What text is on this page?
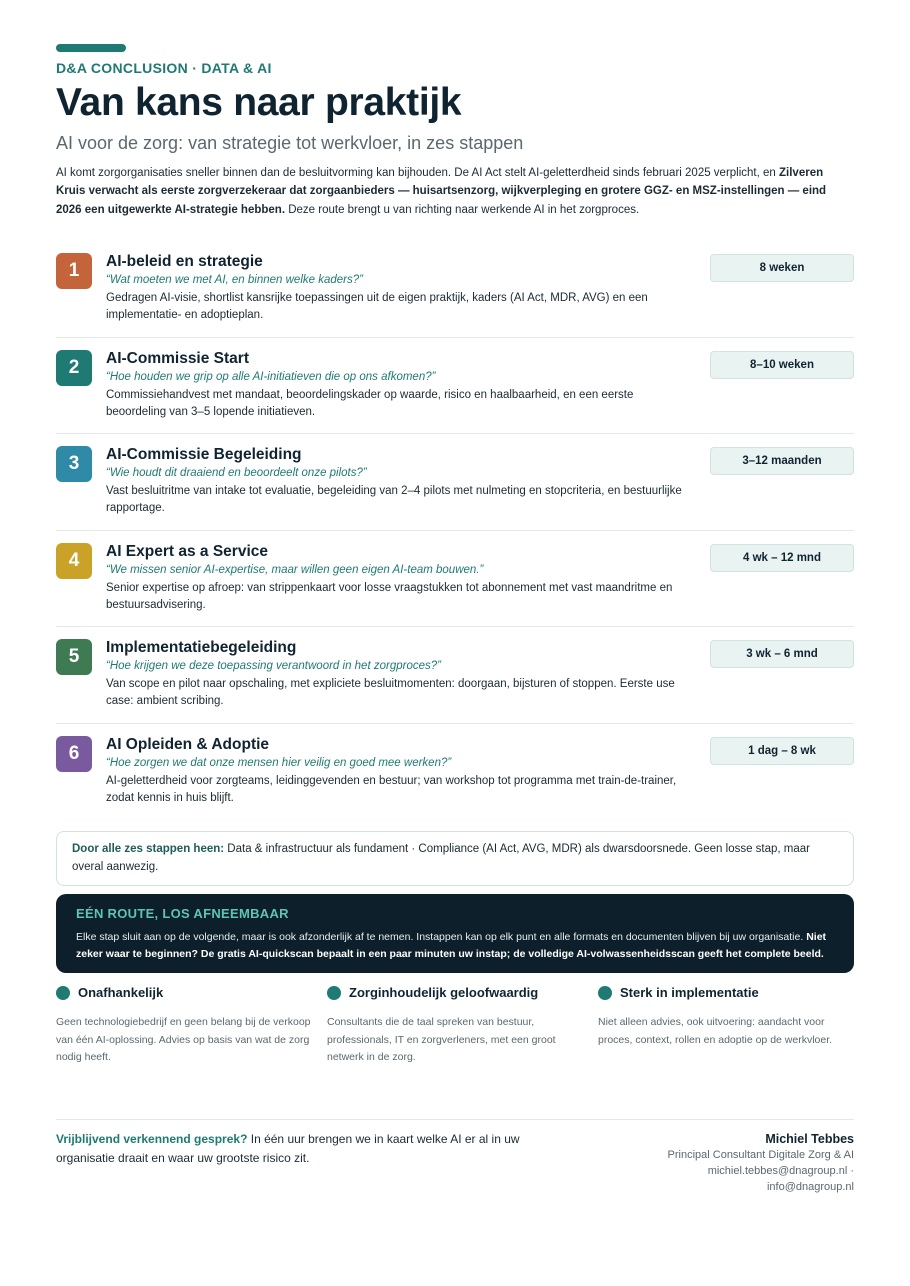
D&A CONCLUSION · DATA & AI
Van kans naar praktijk
AI voor de zorg: van strategie tot werkvloer, in zes stappen

AI komt zorgorganisaties sneller binnen dan de besluitvorming kan bijhouden. De AI Act stelt AI-geletterdheid sinds februari 2025 verplicht, en Zilveren Kruis verwacht als eerste zorgverzekeraar dat zorgaanbieders — huisartsenzorg, wijkverpleging en grotere GGZ- en MSZ-instellingen — eind 2026 een uitgewerkte AI-strategie hebben. Deze route brengt u van richting naar werkende AI in het zorgproces.

1	AI-beleid en strategie
“Wat moeten we met AI, en binnen welke kaders?”
Gedragen AI-visie, shortlist kansrijke toepassingen uit de eigen praktijk, kaders (AI Act, MDR, AVG) en een implementatie- en adoptieplan.
8 weken
2	AI-Commissie Start
“Hoe houden we grip op alle AI-initiatieven die op ons afkomen?”
Commissiehandvest met mandaat, beoordelingskader op waarde, risico en haalbaarheid, en een eerste beoordeling van 3–5 lopende initiatieven.
8–10 weken
3	AI-Commissie Begeleiding
“Wie houdt dit draaiend en beoordeelt onze pilots?”
Vast besluitritme van intake tot evaluatie, begeleiding van 2–4 pilots met nulmeting en stopcriteria, en bestuurlijke rapportage.
3–12 maanden
4	AI Expert as a Service
“We missen senior AI-expertise, maar willen geen eigen AI-team bouwen.”
Senior expertise op afroep: van strippenkaart voor losse vraagstukken tot abonnement met vast maandritme en bestuursadvisering.
4 wk – 12 mnd
5	Implementatiebegeleiding
“Hoe krijgen we deze toepassing verantwoord in het zorgproces?”
Van scope en pilot naar opschaling, met expliciete besluitmomenten: doorgaan, bijsturen of stoppen. Eerste use case: ambient scribing.
3 wk – 6 mnd
6	AI Opleiden & Adoptie
“Hoe zorgen we dat onze mensen hier veilig en goed mee werken?”
AI-geletterdheid voor zorgteams, leidinggevenden en bestuur; van workshop tot programma met train-de-trainer, zodat kennis in huis blijft.
1 dag – 8 wk
Door alle zes stappen heen: Data & infrastructuur als fundament · Compliance (AI Act, AVG, MDR) als dwarsdoorsnede. Geen losse stap, maar overal aanwezig.
EÉN ROUTE, LOS AFNEEMBAAR

Elke stap sluit aan op de volgende, maar is ook afzonderlijk af te nemen. Instappen kan op elk punt en alle formats en documenten blijven bij uw organisatie. Niet zeker waar te beginnen? De gratis AI-quickscan bepaalt in een paar minuten uw instap; de volledige AI-volwassenheidsscan geeft het complete beeld.

Onafhankelijk
Geen technologiebedrijf en geen belang bij de verkoop van één AI-oplossing. Advies op basis van wat de zorg nodig heeft.
Zorginhoudelijk geloofwaardig
Consultants die de taal spreken van bestuur, professionals, IT en zorgverleners, met een groot netwerk in de zorg.
Sterk in implementatie
Niet alleen advies, ook uitvoering: aandacht voor proces, context, rollen en adoptie op de werkvloer.

Vrijblijvend verkennend gesprek? In één uur brengen we in kaart welke AI er al in uw organisatie draait en waar uw grootste risico zit.

Michiel Tebbes
Principal Consultant Digitale Zorg & AI
michiel.tebbes@dnagroup.nl ·
info@dnagroup.nl
